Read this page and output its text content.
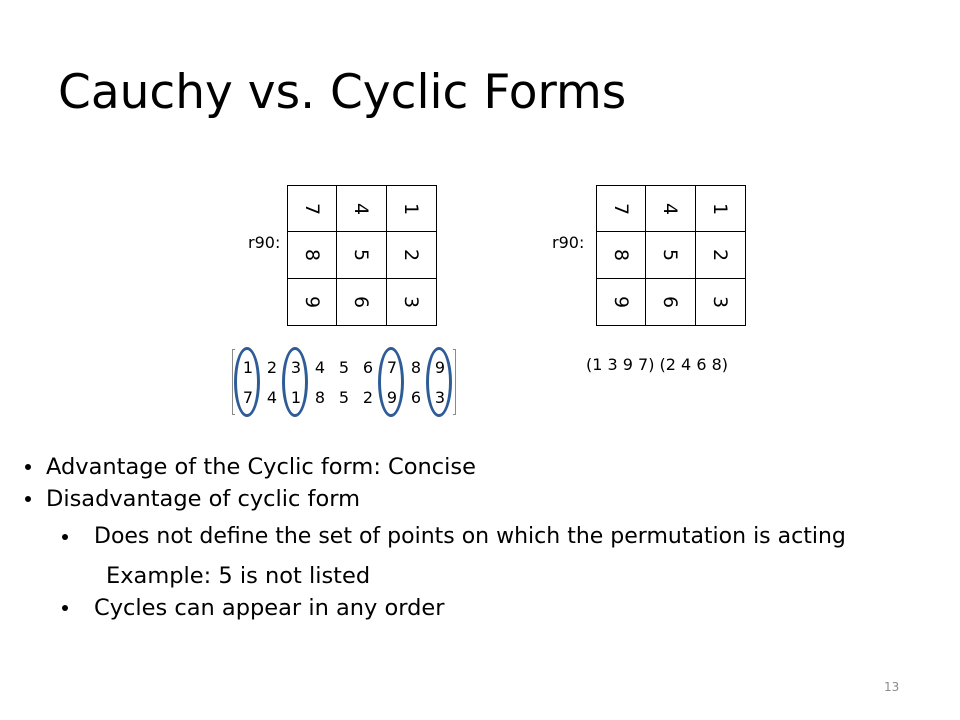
Cauchy vs. Cyclic Forms
r90:
7 4 1
8 5 2
9 6 3
1 2 3 4 5 6 7 8 9
7 4 1 8 5 2 9 6 3
r90:
7 4 1
8 5 2
9 6 3
(1 3 9 7) (2 4 6 8)
Advantage of the Cyclic form: Concise
Disadvantage of cyclic form
Does not define the set of points on which the permutation is acting
Example: 5 is not listed
Cycles can appear in any order
13
